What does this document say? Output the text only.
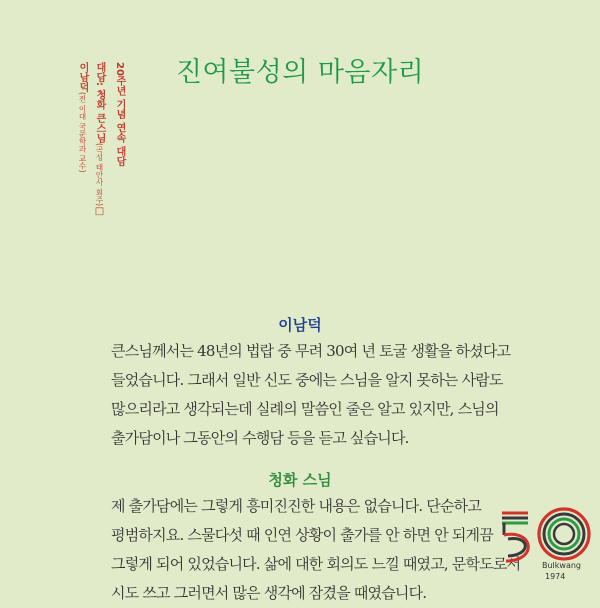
진여불성의 마음자리
20주년 기념 연속 대담
대담: 청화 큰스님(곡성 태안사 회주)□
이남덕(전 이대 국문학과 교수)
이남덕
큰스님께서는 48년의 법랍 중 무려 30여 년 토굴 생활을 하셨다고
들었습니다. 그래서 일반 신도 중에는 스님을 알지 못하는 사람도
많으리라고 생각되는데 실례의 말씀인 줄은 알고 있지만, 스님의
출가담이나 그동안의 수행담 등을 듣고 싶습니다.
청화 스님
제 출가담에는 그렇게 흥미진진한 내용은 없습니다. 단순하고
평범하지요. 스물다섯 때 인연 상황이 출가를 안 하면 안 되게끔
그렇게 되어 있었습니다. 삶에 대한 회의도 느낄 때였고, 문학도로서
시도 쓰고 그러면서 많은 생각에 잠겼을 때였습니다.
Bulkwang
1974
